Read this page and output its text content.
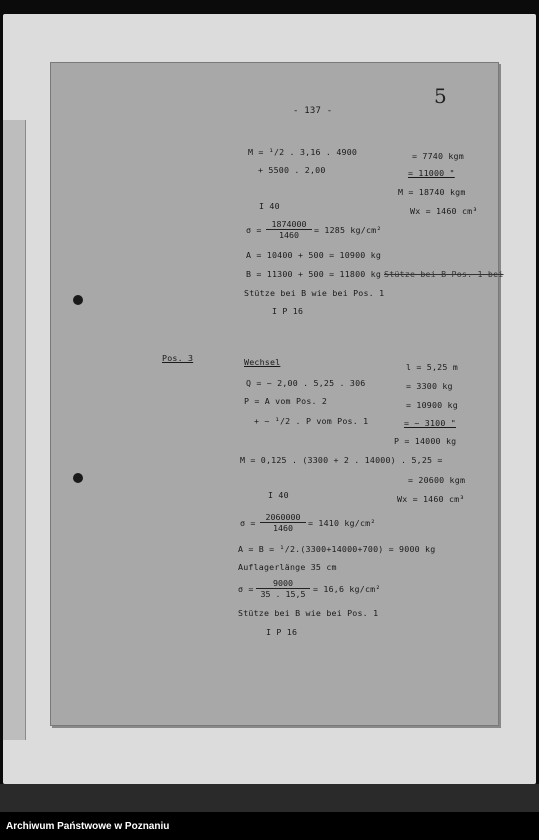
- 137 -
5
M = ¹/2 . 3,16 . 4900
+ 5500 . 2,00
= 7740 kgm
= 11000 "
M = 18740 kgm
Wx = 1460 cm³
I 40
$\sigma = \frac{1874000}{1460} = 1285$ kg/cm²
A = 10400 + 500 = 10900 kg
B = 11300 + 500 = 11800 kg Stütze bei B Pos. 1 bei
Stütze bei B wie bei Pos. 1
I P 16
Pos. 3	Wechsel
Q = ~ 2,00 . 5,25 . 306
P = A vom Pos. 2
+ ~ ¹/2 . P vom Pos. 1
l = 5,25 m
= 3300 kg
= 10900 kg
= ~ 3100 "
P = 14000 kg
M = 0,125 . (3300 + 2 . 14000) . 5,25 =
= 20600 kgm
I 40	Wx = 1460 cm³
$\sigma = \frac{2060000}{1460} = 1410$ kg/cm²
A = B = ¹/2.(3300+14000+700) = 9000 kg
Auflagerlänge 35 cm
$\sigma = \frac{9000}{35 . 15,5} = 16,6$ kg/cm²
Stütze bei B wie bei Pos. 1
I P 16
Archiwum Państwowe w Poznaniu
